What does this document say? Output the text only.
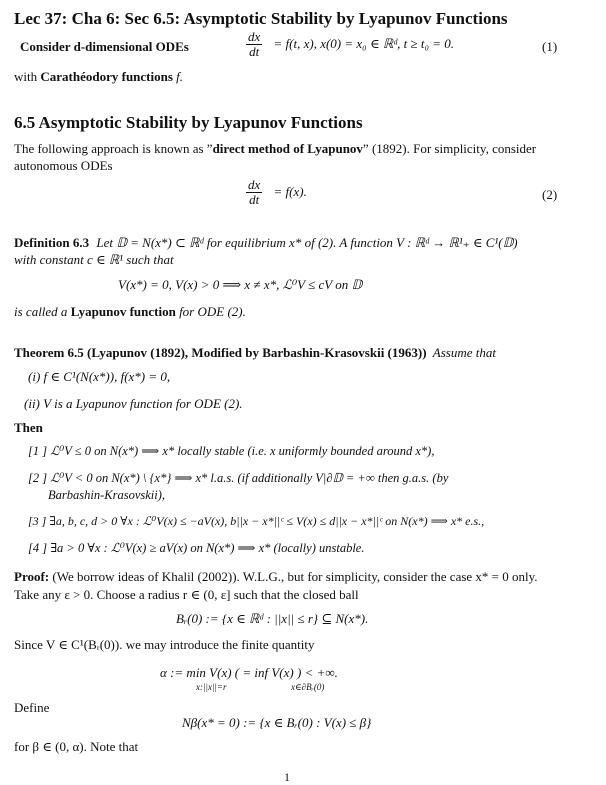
Lec 37: Cha 6: Sec 6.5: Asymptotic Stability by Lyapunov Functions
Consider d-dimensional ODEs	$\frac{dx}{dt} = f(t$, x), x(0) = x₀ ∈ ℝᵈ, t ≥ t₀ = 0.	(1)
with Carathéodory functions f.
6.5 Asymptotic Stability by Lyapunov Functions
The following approach is known as ”direct method of Lyapunov” (1892). For simplicity, consider
autonomous ODEs
$\frac{dx}{dt} = f(x)$.	(2)
Definition 6.3 Let 𝔻 = N(x*) ⊂ ℝᵈ for equilibrium x* of (2). A function V : ℝᵈ → ℝ¹₊ ∈ C¹(𝔻)
with constant c ∈ ℝ¹ such that
V(x*) = 0, V(x) > 0 ⟹ x ≠ x*, ℒ⁰V ≤ cV on 𝔻
is called a Lyapunov function for ODE (2).
Theorem 6.5 (Lyapunov (1892), Modified by Barbashin-Krasovskii (1963)) Assume that
(i) f ∈ C¹(N(x*)), f(x*) = 0,
(ii) V is a Lyapunov function for ODE (2).
Then
[1 ] ℒ⁰V ≤ 0 on N(x*) ⟹ x* locally stable (i.e. x uniformly bounded around x*),
[2 ] ℒ⁰V < 0 on N(x*) \ {x*} ⟹ x* l.a.s. (if additionally V|∂𝔻 = +∞ then g.a.s. (by
Barbashin-Krasovskii),
[3 ] ∃a, b, c, d > 0 ∀x : ℒ⁰V(x) ≤ −aV(x), b||x − x*||ᶜ ≤ V(x) ≤ d||x − x*||ᶜ on N(x*) ⟹ x* e.s.,
[4 ] ∃a > 0 ∀x : ℒ⁰V(x) ≥ aV(x) on N(x*) ⟹ x* (locally) unstable.
Proof: (We borrow ideas of Khalil (2002)). W.L.G., but for simplicity, consider the case x* = 0 only.
Take any ε > 0. Choose a radius r ∈ (0, ε] such that the closed ball
Bᵣ(0) := {x ∈ ℝᵈ : ||x|| ≤ r} ⊆ N(x*).
Since V ∈ C¹(Bᵣ(0)). we may introduce the finite quantity
α := min V(x) ( = inf V(x) ) < +∞.
x:||x||=r	x∈∂Bᵣ(0)
Define
Nβ(x* = 0) := {x ∈ Bᵣ(0) : V(x) ≤ β}
for β ∈ (0, α). Note that
1
